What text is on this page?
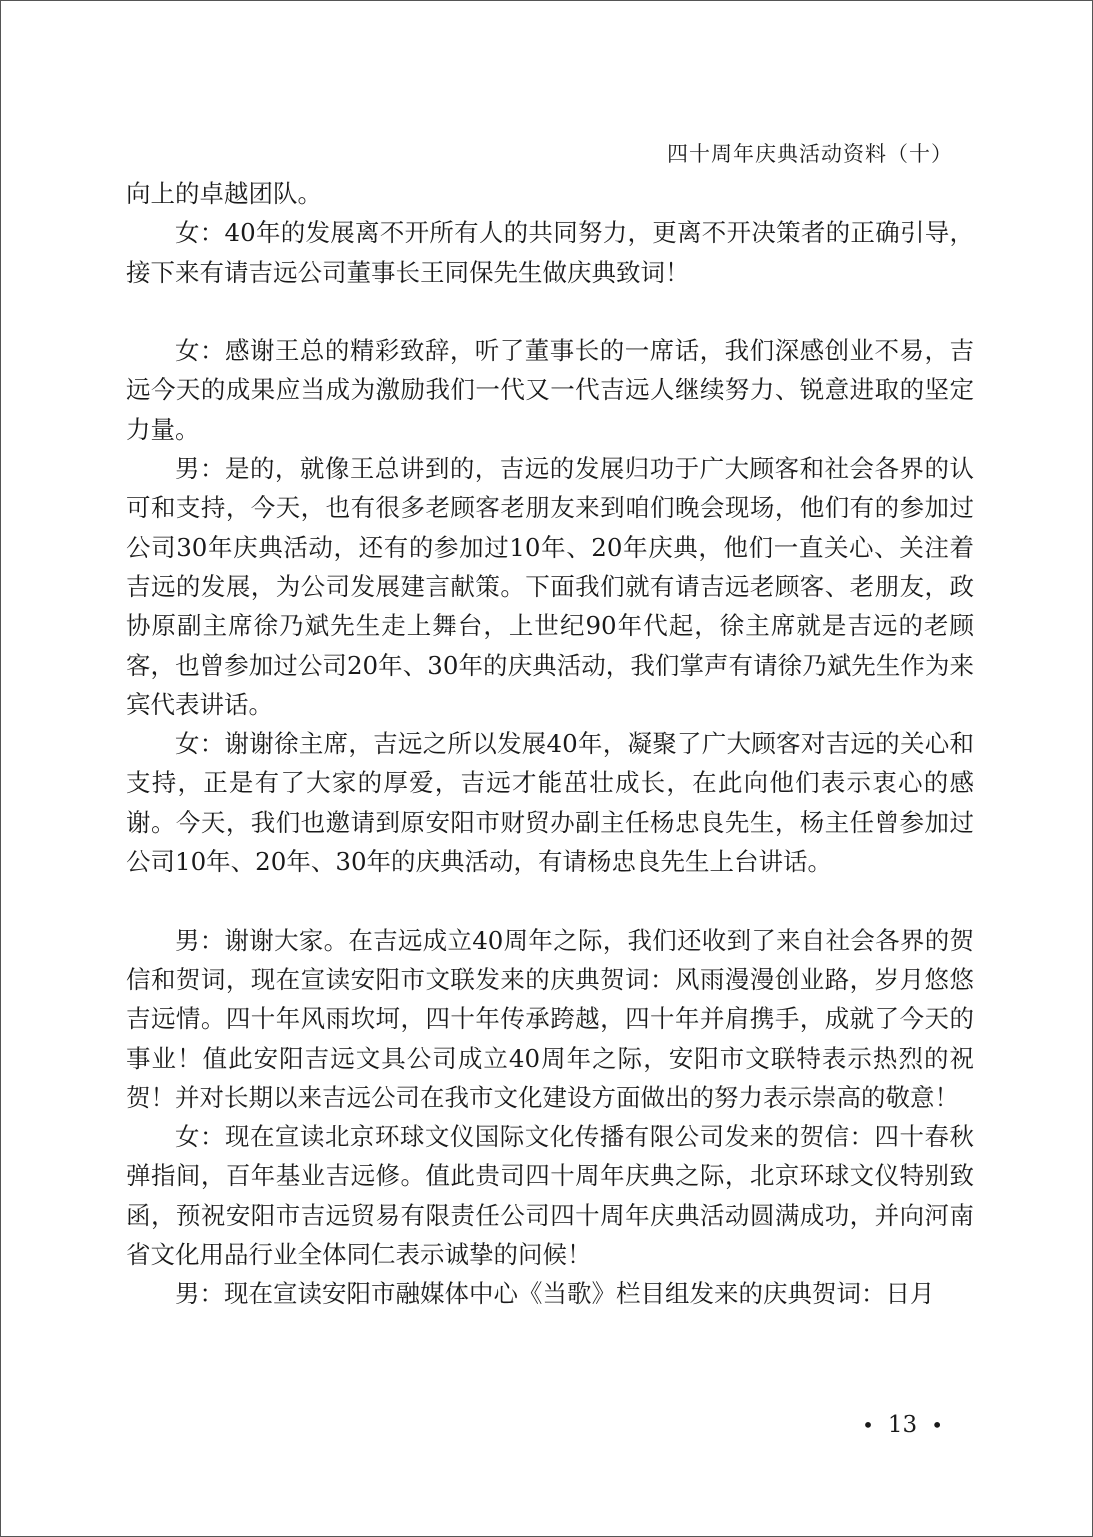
四十周年庆典活动资料（十）

向上的卓越团队。

女：40年的发展离不开所有人的共同努力，更离不开决策者的正确引导，接下来有请吉远公司董事长王同保先生做庆典致词！

女：感谢王总的精彩致辞，听了董事长的一席话，我们深感创业不易，吉远今天的成果应当成为激励我们一代又一代吉远人继续努力、锐意进取的坚定力量。

男：是的，就像王总讲到的，吉远的发展归功于广大顾客和社会各界的认可和支持，今天，也有很多老顾客老朋友来到咱们晚会现场，他们有的参加过公司30年庆典活动，还有的参加过10年、20年庆典，他们一直关心、关注着吉远的发展，为公司发展建言献策。下面我们就有请吉远老顾客、老朋友，政协原副主席徐乃斌先生走上舞台，上世纪90年代起，徐主席就是吉远的老顾客，也曾参加过公司20年、30年的庆典活动，我们掌声有请徐乃斌先生作为来宾代表讲话。

女：谢谢徐主席，吉远之所以发展40年，凝聚了广大顾客对吉远的关心和支持，正是有了大家的厚爱，吉远才能茁壮成长，在此向他们表示衷心的感谢。今天，我们也邀请到原安阳市财贸办副主任杨忠良先生，杨主任曾参加过公司10年、20年、30年的庆典活动，有请杨忠良先生上台讲话。

男：谢谢大家。在吉远成立40周年之际，我们还收到了来自社会各界的贺信和贺词，现在宣读安阳市文联发来的庆典贺词：风雨漫漫创业路，岁月悠悠吉远情。四十年风雨坎坷，四十年传承跨越，四十年并肩携手，成就了今天的事业！值此安阳吉远文具公司成立40周年之际，安阳市文联特表示热烈的祝贺！并对长期以来吉远公司在我市文化建设方面做出的努力表示崇高的敬意！

女：现在宣读北京环球文仪国际文化传播有限公司发来的贺信：四十春秋弹指间，百年基业吉远修。值此贵司四十周年庆典之际，北京环球文仪特别致函，预祝安阳市吉远贸易有限责任公司四十周年庆典活动圆满成功，并向河南省文化用品行业全体同仁表示诚挚的问候！

男：现在宣读安阳市融媒体中心《当歌》栏目组发来的庆典贺词：日月

• 13 •
